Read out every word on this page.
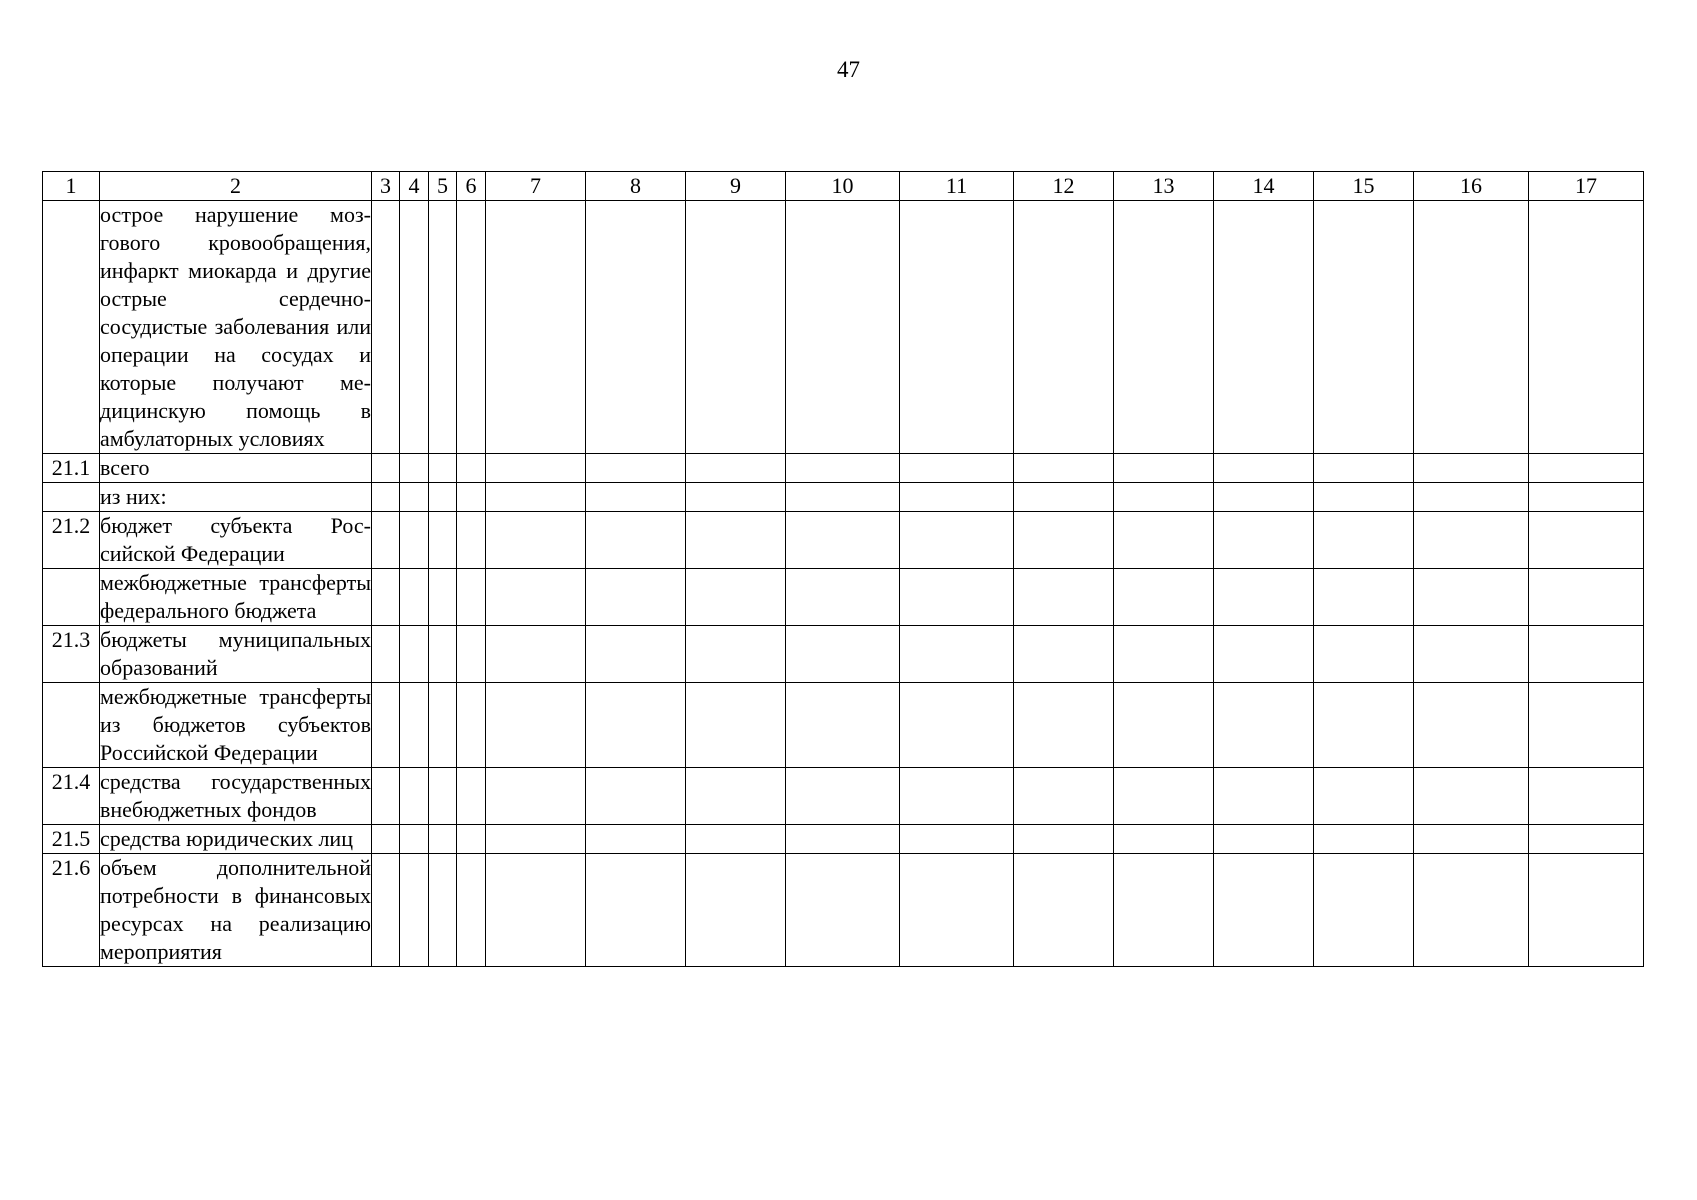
47
1	2	3	4	5	6	7	8	9	10	11	12	13	14	15	16	17
	острое нарушение мозгового кровообращения, инфаркт миокарда и другие острые сердечно-сосудистые заболевания или операции на сосудах и которые получают медицинскую помощь в амбулаторных условиях															
21.1	всего															
	из них:															
21.2	бюджет субъекта Российской Федерации															
	межбюджетные трансферты федерального бюджета															
21.3	бюджеты муниципальных образований															
	межбюджетные трансферты из бюджетов субъектов Российской Федерации															
21.4	средства государственных внебюджетных фондов															
21.5	средства юридических лиц															
21.6	объем дополнительной потребности в финансовых ресурсах на реализацию мероприятия															
